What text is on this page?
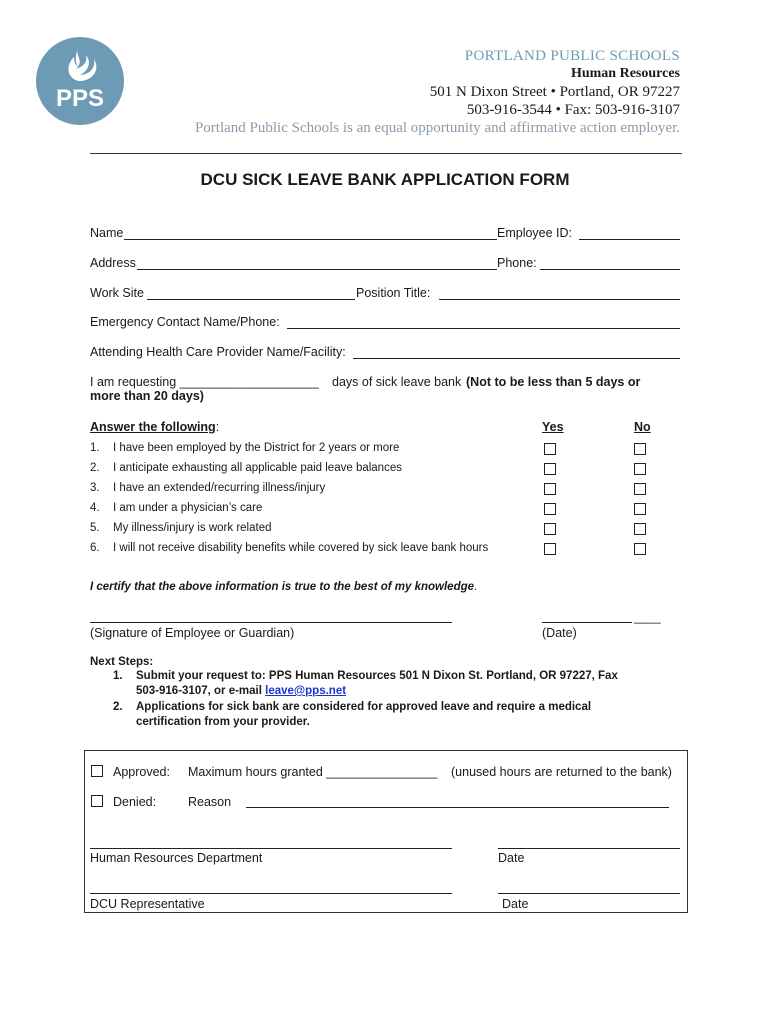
PPS
PORTLAND PUBLIC SCHOOLS
Human Resources
501 N Dixon Street • Portland, OR 97227
503-916-3544 • Fax: 503-916-3107
Portland Public Schools is an equal opportunity and affirmative action employer.
DCU SICK LEAVE BANK APPLICATION FORM
Name	Employee ID:
Address	Phone:
Work Site	Position Title:
Emergency Contact Name/Phone:
Attending Health Care Provider Name/Facility:
I am requesting ____________________ days of sick leave bank (Not to be less than 5 days or
more than 20 days)
Answer the following:	Yes	No
1. I have been employed by the District for 2 years or more
2. I anticipate exhausting all applicable paid leave balances
3. I have an extended/recurring illness/injury
4. I am under a physician’s care
5. My illness/injury is work related
6. I will not receive disability benefits while covered by sick leave bank hours
I certify that the above information is true to the best of my knowledge.
____
(Signature of Employee or Guardian)	(Date)
Next Steps:
1. Submit your request to: PPS Human Resources 501 N Dixon St. Portland, OR 97227, Fax
503-916-3107, or e-mail leave@pps.net
2. Applications for sick bank are considered for approved leave and require a medical
certification from your provider.
Approved: Maximum hours granted ________________ (unused hours are returned to the bank)
Denied:	Reason
Human Resources Department	Date
DCU Representative	Date
